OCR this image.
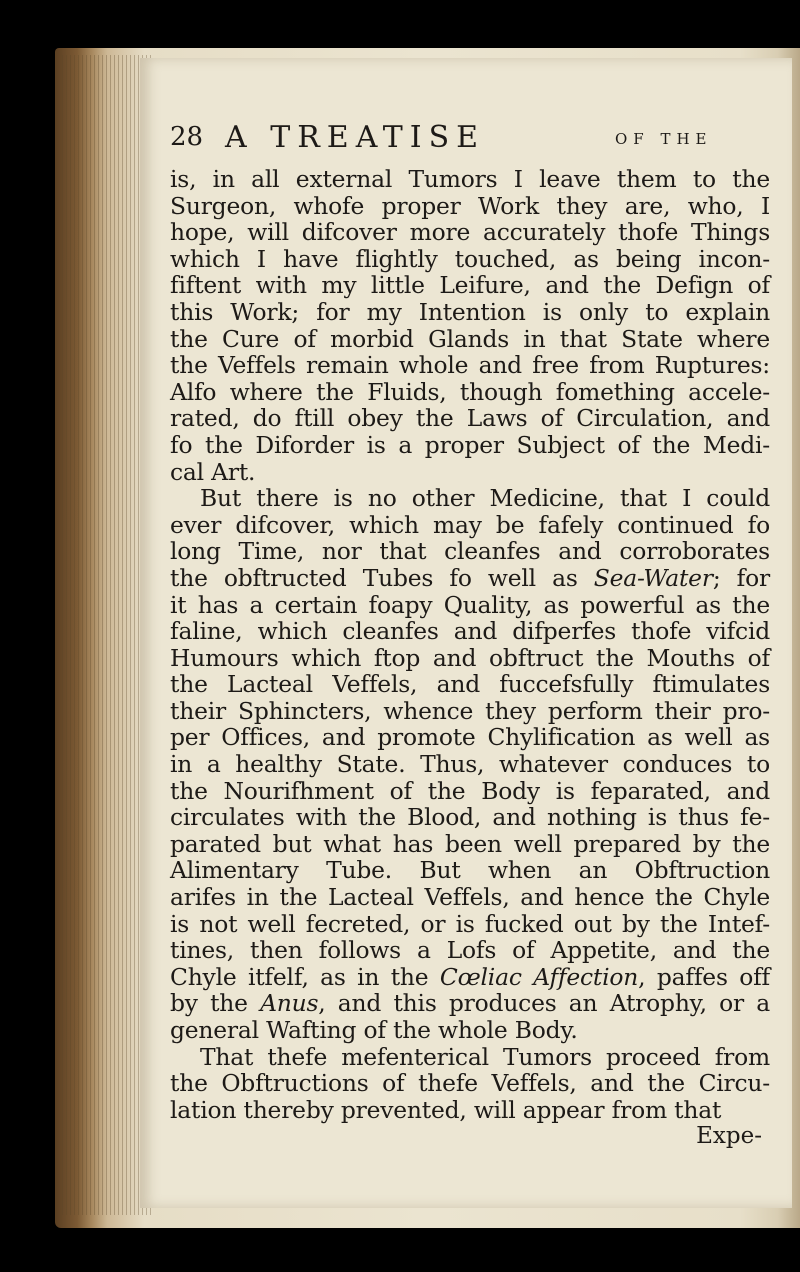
28 A TREATISE	OF THE

is, in all external Tumors I leave them to the
Surgeon, whofe proper Work they are, who, I
hope, will difcover more accurately thofe Things
which I have flightly touched, as being incon-
fiftent with my little Leifure, and the Defign of
this Work; for my Intention is only to explain
the Cure of morbid Glands in that State where
the Veffels remain whole and free from Ruptures:
Alfo where the Fluids, though fomething accele-
rated, do ftill obey the Laws of Circulation, and
fo the Diforder is a proper Subject of the Medi-
cal Art.

But there is no other Medicine, that I could
ever difcover, which may be fafely continued fo
long Time, nor that cleanfes and corroborates
the obftructed Tubes fo well as Sea-Water; for
it has a certain foapy Quality, as powerful as the
faline, which cleanfes and difperfes thofe vifcid
Humours which ftop and obftruct the Mouths of
the Lacteal Veffels, and fuccefsfully ftimulates
their Sphincters, whence they perform their pro-
per Offices, and promote Chylification as well as
in a healthy State. Thus, whatever conduces to
the Nourifhment of the Body is feparated, and
circulates with the Blood, and nothing is thus fe-
parated but what has been well prepared by the
Alimentary Tube. But when an Obftruction
arifes in the Lacteal Veffels, and hence the Chyle
is not well fecreted, or is fucked out by the Intef-
tines, then follows a Lofs of Appetite, and the
Chyle itfelf, as in the Cœliac Affection, paffes off
by the Anus, and this produces an Atrophy, or a
general Wafting of the whole Body.

That thefe mefenterical Tumors proceed from
the Obftructions of thefe Veffels, and the Circu-
lation thereby prevented, will appear from that

Expe-
